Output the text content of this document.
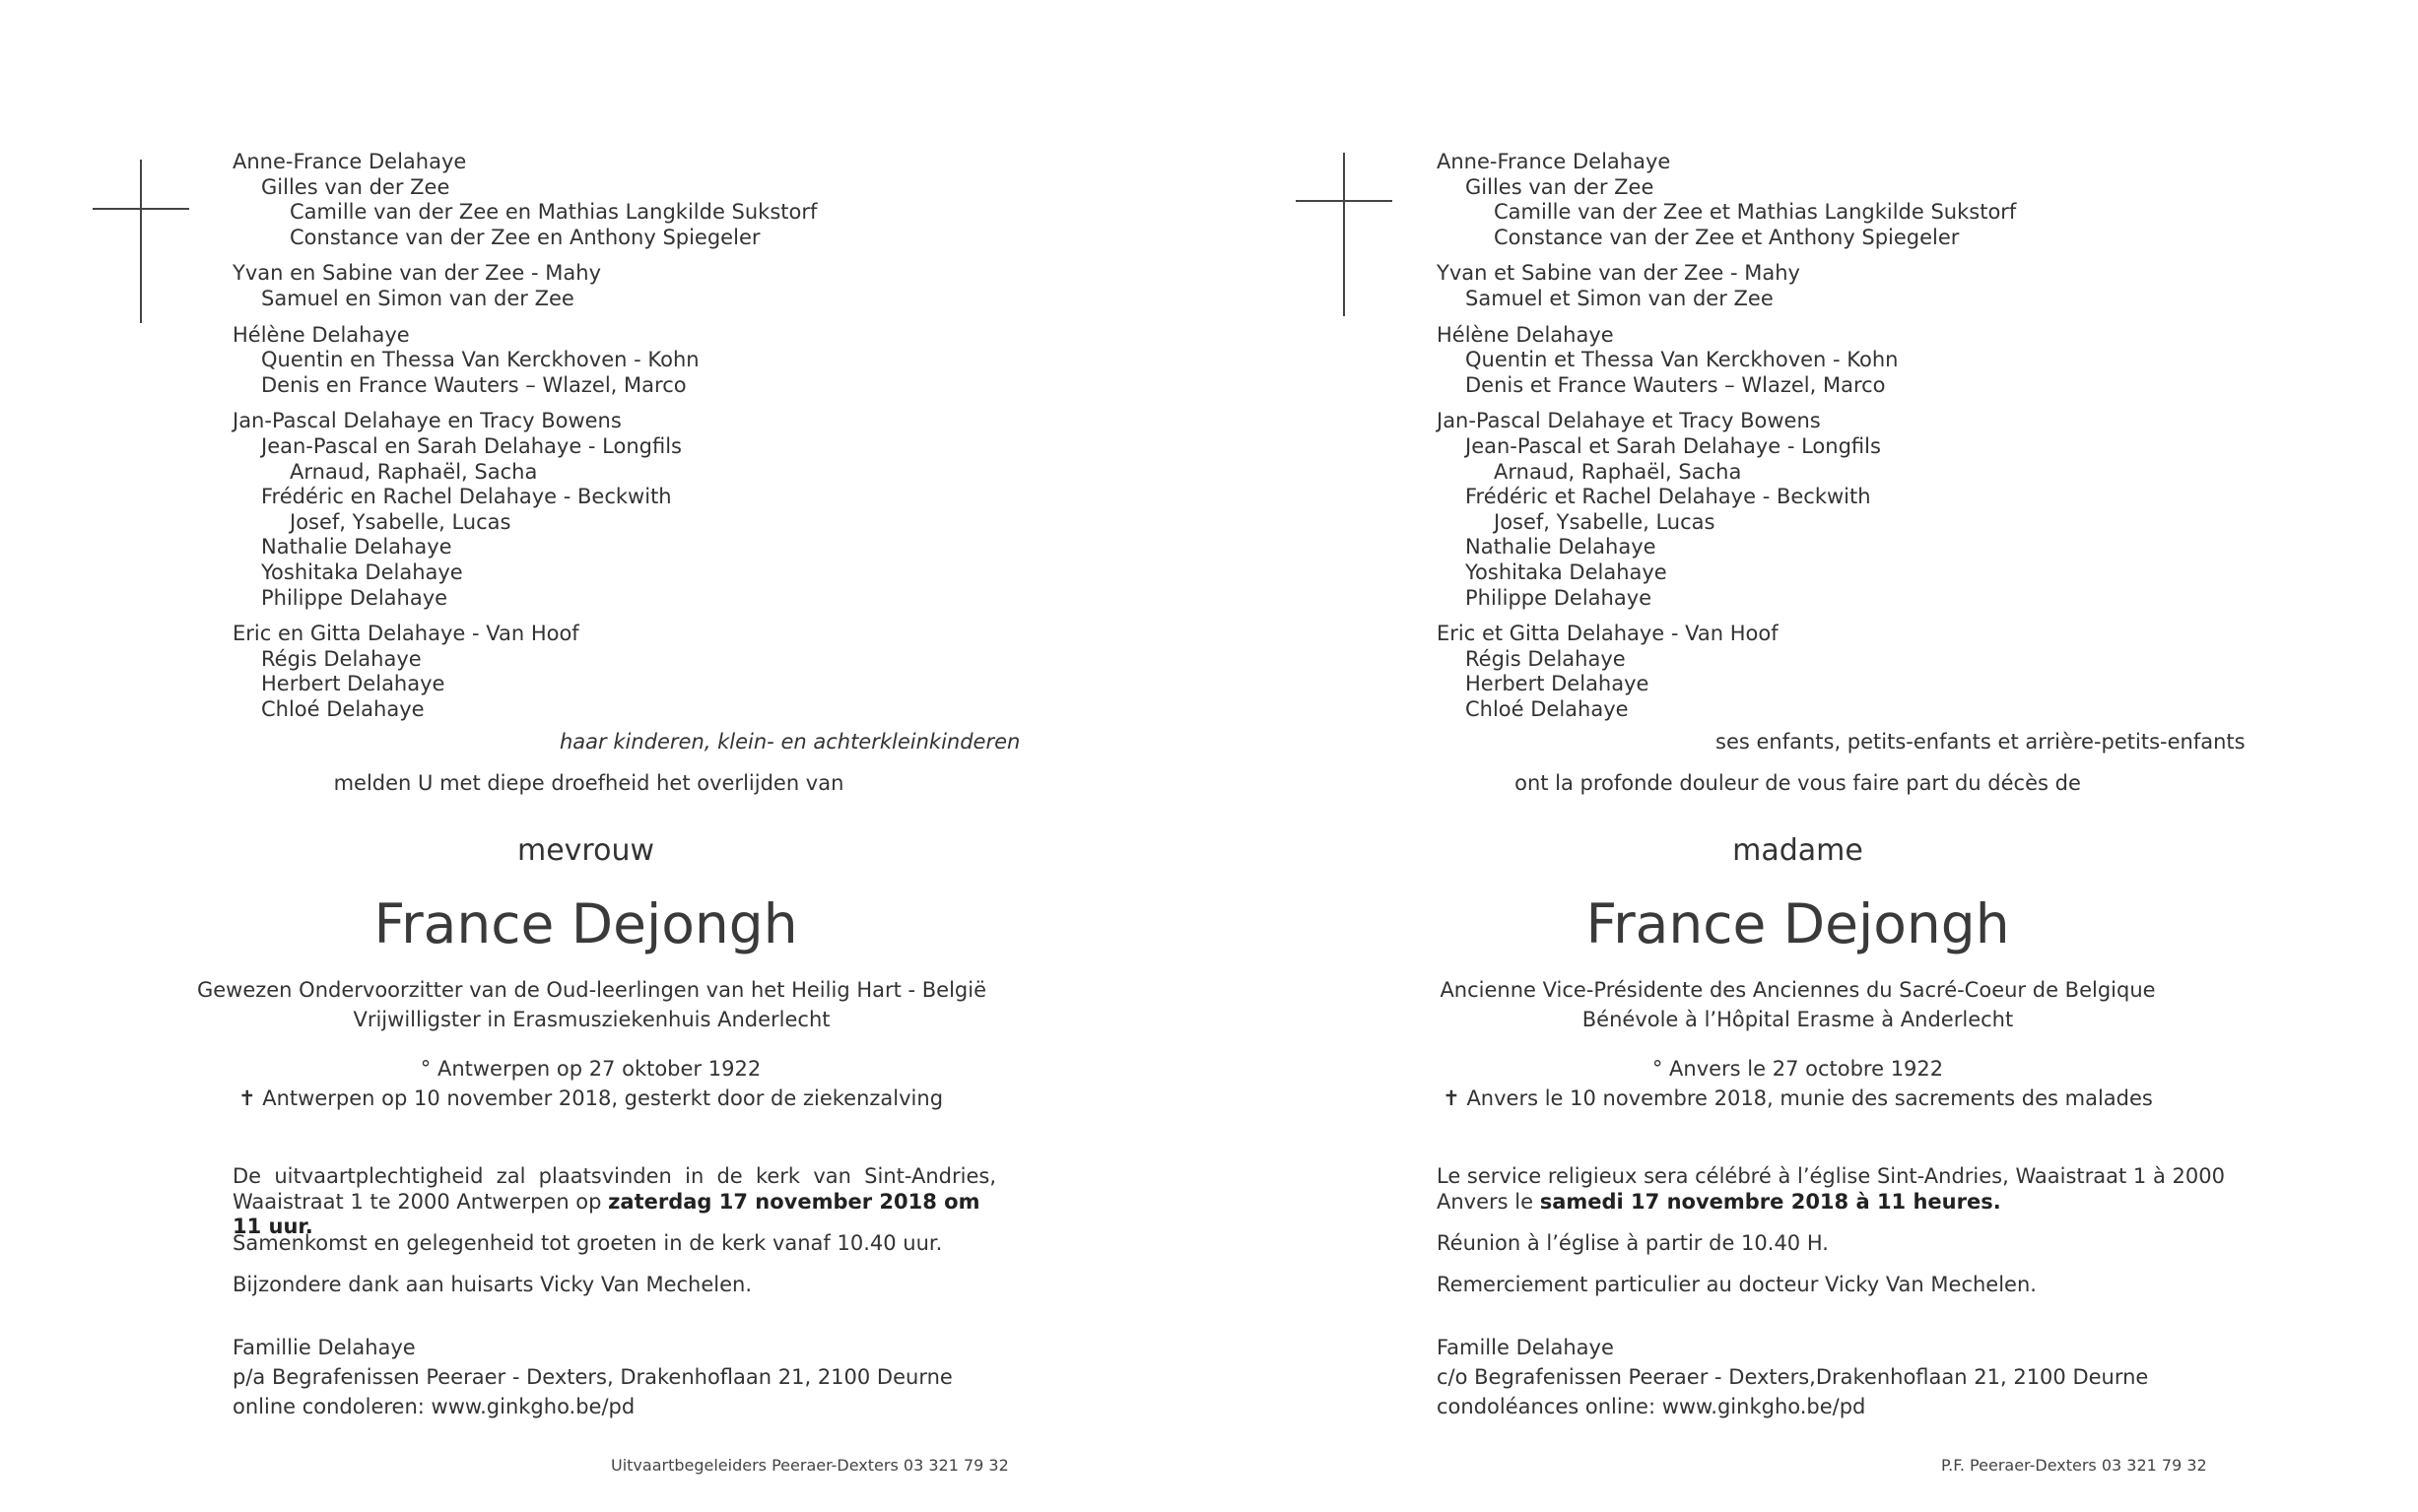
Anne-France Delahaye
Gilles van der Zee
Camille van der Zee en Mathias Langkilde Sukstorf
Constance van der Zee en Anthony Spiegeler
Yvan en Sabine van der Zee - Mahy
Samuel en Simon van der Zee
Hélène Delahaye
Quentin en Thessa Van Kerckhoven - Kohn
Denis en France Wauters – Wlazel, Marco
Jan-Pascal Delahaye en Tracy Bowens
Jean-Pascal en Sarah Delahaye - Longfils
Arnaud, Raphaël, Sacha
Frédéric en Rachel Delahaye - Beckwith
Josef, Ysabelle, Lucas
Nathalie Delahaye
Yoshitaka Delahaye
Philippe Delahaye
Eric en Gitta Delahaye - Van Hoof
Régis Delahaye
Herbert Delahaye
Chloé Delahaye
haar kinderen, klein- en achterkleinkinderen
melden U met diepe droefheid het overlijden van
mevrouw
France Dejongh
Gewezen Ondervoorzitter van de Oud-leerlingen van het Heilig Hart - België
Vrijwilligster in Erasmusziekenhuis Anderlecht
° Antwerpen op 27 oktober 1922
✝ Antwerpen op 10 november 2018, gesterkt door de ziekenzalving
De uitvaartplechtigheid zal plaatsvinden in de kerk van Sint-Andries,
Waaistraat 1 te 2000 Antwerpen op zaterdag 17 november 2018 om 11 uur.
Samenkomst en gelegenheid tot groeten in de kerk vanaf 10.40 uur.
Bijzondere dank aan huisarts Vicky Van Mechelen.
Famillie Delahaye
p/a Begrafenissen Peeraer - Dexters, Drakenhoflaan 21, 2100 Deurne
online condoleren: www.ginkgho.be/pd
Uitvaartbegeleiders Peeraer-Dexters 03 321 79 32
Anne-France Delahaye
Gilles van der Zee
Camille van der Zee et Mathias Langkilde Sukstorf
Constance van der Zee et Anthony Spiegeler
Yvan et Sabine van der Zee - Mahy
Samuel et Simon van der Zee
Hélène Delahaye
Quentin et Thessa Van Kerckhoven - Kohn
Denis et France Wauters – Wlazel, Marco
Jan-Pascal Delahaye et Tracy Bowens
Jean-Pascal et Sarah Delahaye - Longfils
Arnaud, Raphaël, Sacha
Frédéric et Rachel Delahaye - Beckwith
Josef, Ysabelle, Lucas
Nathalie Delahaye
Yoshitaka Delahaye
Philippe Delahaye
Eric et Gitta Delahaye - Van Hoof
Régis Delahaye
Herbert Delahaye
Chloé Delahaye
ses enfants, petits-enfants et arrière-petits-enfants
ont la profonde douleur de vous faire part du décès de
madame
France Dejongh
Ancienne Vice-Présidente des Anciennes du Sacré-Coeur de Belgique
Bénévole à l’Hôpital Erasme à Anderlecht
° Anvers le 27 octobre 1922
✝ Anvers le 10 novembre 2018, munie des sacrements des malades
Le service religieux sera célébré à l’église Sint-Andries, Waaistraat 1 à 2000
Anvers le samedi 17 novembre 2018 à 11 heures.
Réunion à l’église à partir de 10.40 H.
Remerciement particulier au docteur Vicky Van Mechelen.
Famille Delahaye
c/o Begrafenissen Peeraer - Dexters,Drakenhoflaan 21, 2100 Deurne
condoléances online: www.ginkgho.be/pd
P.F. Peeraer-Dexters 03 321 79 32
